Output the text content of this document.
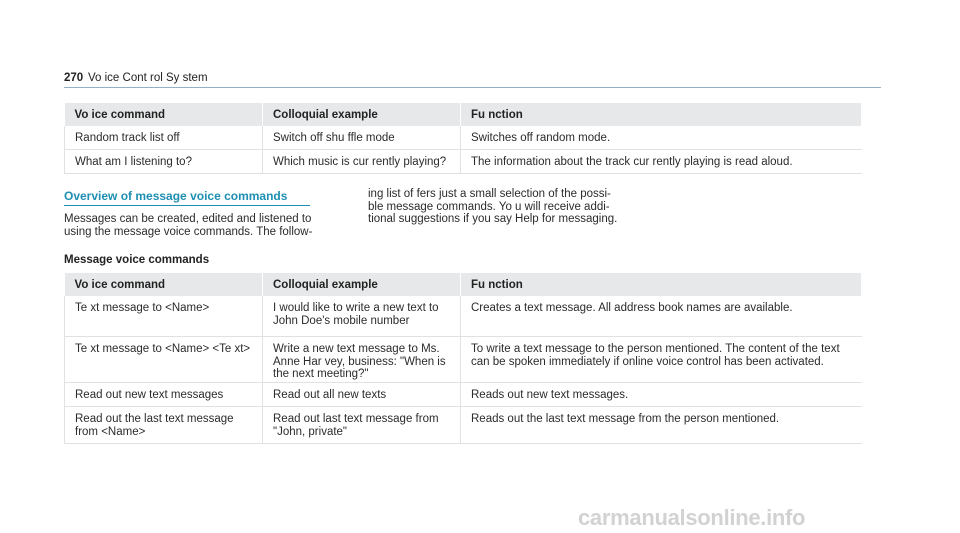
270 Vo ice Cont rol Sy stem
Vo ice command	Colloquial example	Fu nction
Random track list off	Switch off shu ffle mode	Switches off random mode.
What am I listening to?	Which music is cur rently playing?	The information about the track cur rently playing is read aloud.
Overview of message voice commands
Messages can be created, edited and listened to using the message voice commands. The follow-
ing list of fers just a small selection of the possi- ble message commands. Yo u will receive addi- tional suggestions if you say Help for messaging.
Message voice commands
Vo ice command	Colloquial example	Fu nction
Te xt message to <Name>	I would like to write a new text to John Doe's mobile number	Creates a text message. All address book names are available.
Te xt message to <Name> <Te xt>	Write a new text message to Ms. Anne Har vey, business: "When is the next meeting?"	To write a text message to the person mentioned. The content of the text can be spoken immediately if online voice control has been activated.
Read out new text messages	Read out all new texts	Reads out new text messages.
Read out the last text message from <Name>	Read out last text message from "John, private"	Reads out the last text message from the person mentioned.
carmanualsonline.info
